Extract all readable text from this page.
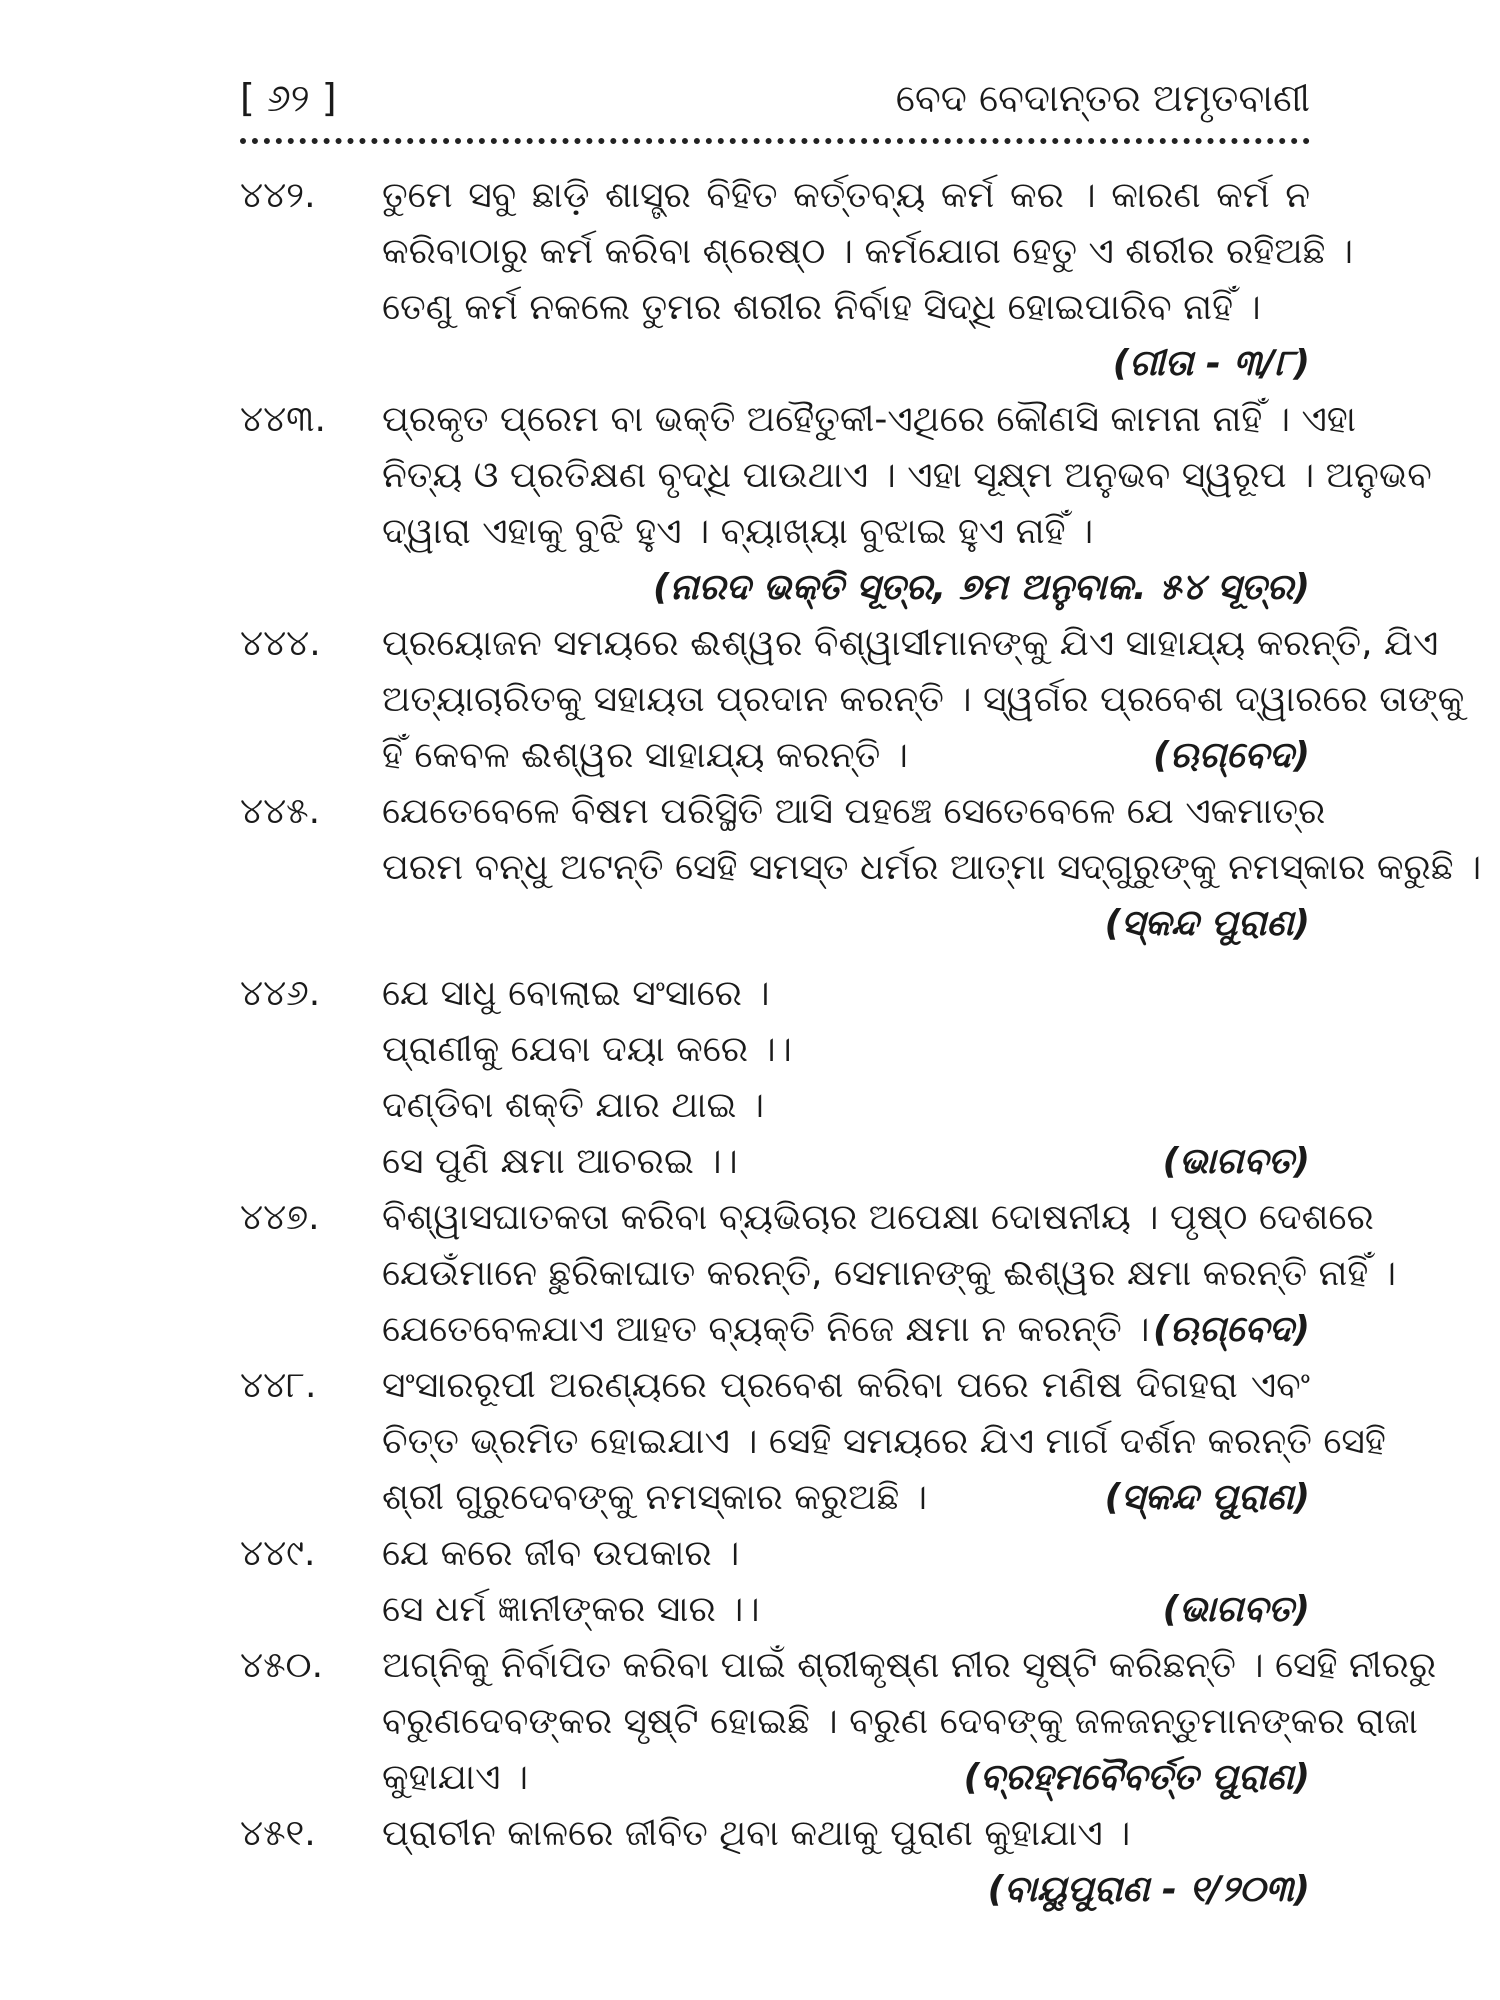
[ ୬୨ ]	ବେଦ ବେଦାନ୍ତର ଅମୃତବାଣୀ
୪୪୨.	ତୁମେ ସବୁ ଛାଡ଼ି ଶାସ୍ତ୍ର ବିହିତ କର୍ତ୍ତବ୍ୟ କର୍ମ କର । କାରଣ କର୍ମ ନ
କରିବାଠାରୁ କର୍ମ କରିବା ଶ୍ରେଷ୍ଠ । କର୍ମଯୋଗ ହେତୁ ଏ ଶରୀର ରହିଅଛି ।
ତେଣୁ କର୍ମ ନକଲେ ତୁମର ଶରୀର ନିର୍ବାହ ସିଦ୍ଧି ହୋଇପାରିବ ନାହିଁ ।
(ଗୀତା - ୩/୮)
୪୪୩.	ପ୍ରକୃତ ପ୍ରେମ ବା ଭକ୍ତି ଅହୈତୁକୀ-ଏଥିରେ କୌଣସି କାମନା ନାହିଁ । ଏହା
ନିତ୍ୟ ଓ ପ୍ରତିକ୍ଷଣ ବୃଦ୍ଧି ପାଉଥାଏ । ଏହା ସୂକ୍ଷ୍ମ ଅନୁଭବ ସ୍ୱରୂପ । ଅନୁଭବ
ଦ୍ୱାରା ଏହାକୁ ବୁଝି ହୁଏ । ବ୍ୟାଖ୍ୟା ବୁଝାଇ ହୁଏ ନାହିଁ ।
(ନାରଦ ଭକ୍ତି ସୂତ୍ର, ୭ମ ଅନୁବାକ. ୫୪ ସୂତ୍ର)
୪୪୪.	ପ୍ରୟୋଜନ ସମୟରେ ଈଶ୍ୱର ବିଶ୍ୱାସୀମାନଙ୍କୁ ଯିଏ ସାହାଯ୍ୟ କରନ୍ତି, ଯିଏ
ଅତ୍ୟାଚାରିତକୁ ସହାୟତା ପ୍ରଦାନ କରନ୍ତି । ସ୍ୱର୍ଗର ପ୍ରବେଶ ଦ୍ୱାରରେ ତାଙ୍କୁ
ହିଁ କେବଳ ଈଶ୍ୱର ସାହାଯ୍ୟ କରନ୍ତି ।	(ଋଗ୍‌ବେଦ)
୪୪୫.	ଯେତେବେଳେ ବିଷମ ପରିସ୍ଥିତି ଆସି ପହଞ୍ଚେ ସେତେବେଳେ ଯେ ଏକମାତ୍ର
ପରମ ବନ୍ଧୁ ଅଟନ୍ତି ସେହି ସମସ୍ତ ଧର୍ମର ଆତ୍ମା ସଦ୍‌ଗୁରୁଙ୍କୁ ନମସ୍କାର କରୁଛି ।
(ସ୍କନ୍ଦ ପୁରାଣ)
୪୪୬.	ଯେ ସାଧୁ ବୋଲାଇ ସଂସାରେ ।
ପ୍ରାଣୀକୁ ଯେବା ଦୟା କରେ ।।
ଦଣ୍ଡିବା ଶକ୍ତି ଯାର ଥାଇ ।
ସେ ପୁଣି କ୍ଷମା ଆଚରଇ ।।	(ଭାଗବତ)
୪୪୭.	ବିଶ୍ୱାସଘାତକତା କରିବା ବ୍ୟଭିଚାର ଅପେକ୍ଷା ଦୋଷନୀୟ । ପୃଷ୍ଠ ଦେଶରେ
ଯେଉଁମାନେ ଛୁରିକାଘାତ କରନ୍ତି, ସେମାନଙ୍କୁ ଈଶ୍ୱର କ୍ଷମା କରନ୍ତି ନାହିଁ ।
ଯେତେବେଳଯାଏ ଆହତ ବ୍ୟକ୍ତି ନିଜେ କ୍ଷମା ନ କରନ୍ତି । (ଋଗ୍‌ବେଦ)
୪୪୮.	ସଂସାରରୂପୀ ଅରଣ୍ୟରେ ପ୍ରବେଶ କରିବା ପରେ ମଣିଷ ଦିଗହରା ଏବଂ
ଚିତ୍ତ ଭ୍ରମିତ ହୋଇଯାଏ । ସେହି ସମୟରେ ଯିଏ ମାର୍ଗ ଦର୍ଶନ କରନ୍ତି ସେହି
ଶ୍ରୀ ଗୁରୁଦେବଙ୍କୁ ନମସ୍କାର କରୁଅଛି ।	(ସ୍କନ୍ଦ ପୁରାଣ)
୪୪୯.	ଯେ କରେ ଜୀବ ଉପକାର ।
ସେ ଧର୍ମ ଜ୍ଞାନୀଙ୍କର ସାର ।।	(ଭାଗବତ)
୪୫୦.	ଅଗ୍ନିକୁ ନିର୍ବାପିତ କରିବା ପାଇଁ ଶ୍ରୀକୃଷ୍ଣ ନୀର ସୃଷ୍ଟି କରିଛନ୍ତି । ସେହି ନୀରରୁ
ବରୁଣଦେବଙ୍କର ସୃଷ୍ଟି ହୋଇଛି । ବରୁଣ ଦେବଙ୍କୁ ଜଳଜନ୍ତୁମାନଙ୍କର ରାଜା
କୁହାଯାଏ ।	(ବ୍ରହ୍ମବୈବର୍ତ୍ତ ପୁରାଣ)
୪୫୧.	ପ୍ରାଚୀନ କାଳରେ ଜୀବିତ ଥିବା କଥାକୁ ପୁରାଣ କୁହାଯାଏ ।
(ବାୟୁପୁରାଣ - ୧/୨୦୩)
